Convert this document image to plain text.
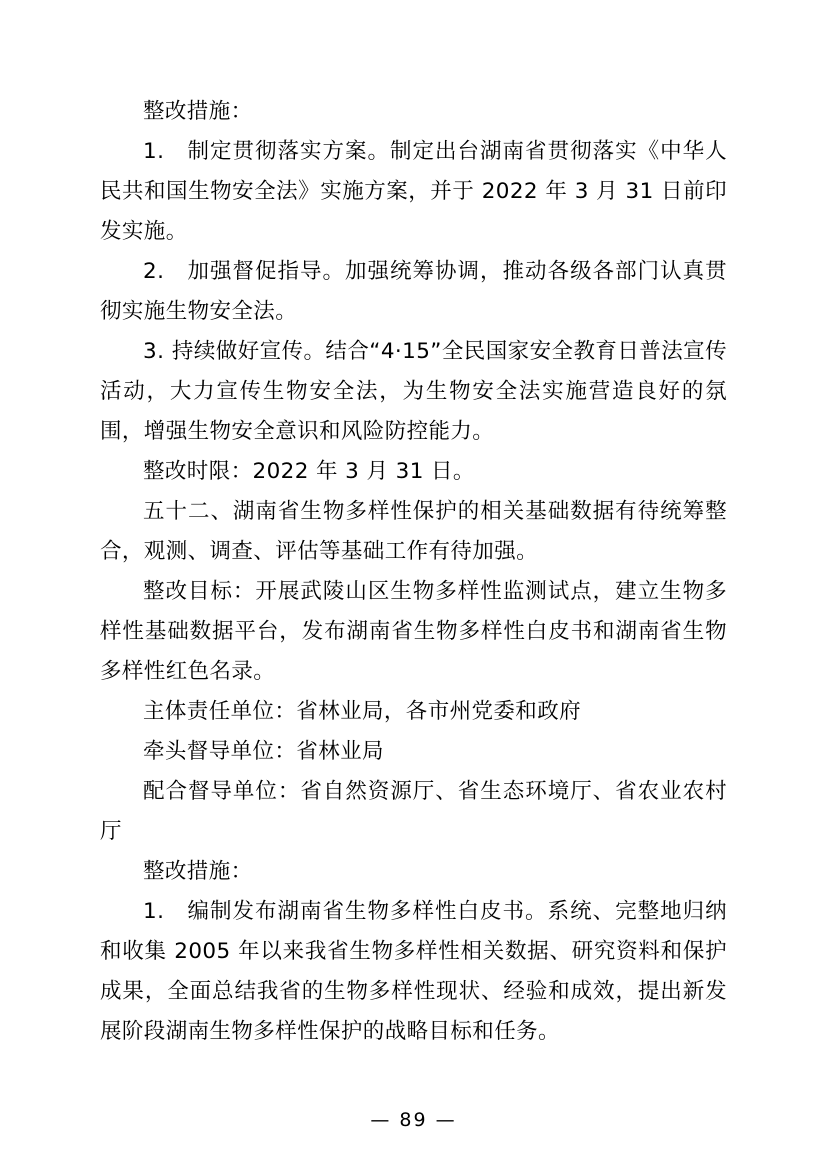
整改措施：

1. 制定贯彻落实方案。制定出台湖南省贯彻落实《中华人民共和国生物安全法》实施方案，并于 2022 年 3 月 31 日前印发实施。

2. 加强督促指导。加强统筹协调，推动各级各部门认真贯彻实施生物安全法。

3. 持续做好宣传。结合“4·15”全民国家安全教育日普法宣传活动，大力宣传生物安全法，为生物安全法实施营造良好的氛围，增强生物安全意识和风险防控能力。

整改时限：2022 年 3 月 31 日。

五十二、湖南省生物多样性保护的相关基础数据有待统筹整合，观测、调查、评估等基础工作有待加强。

整改目标：开展武陵山区生物多样性监测试点，建立生物多样性基础数据平台，发布湖南省生物多样性白皮书和湖南省生物多样性红色名录。

主体责任单位：省林业局，各市州党委和政府

牵头督导单位：省林业局

配合督导单位：省自然资源厅、省生态环境厅、省农业农村厅

整改措施：

1. 编制发布湖南省生物多样性白皮书。系统、完整地归纳和收集 2005 年以来我省生物多样性相关数据、研究资料和保护成果，全面总结我省的生物多样性现状、经验和成效，提出新发展阶段湖南生物多样性保护的战略目标和任务。

— 89 —
